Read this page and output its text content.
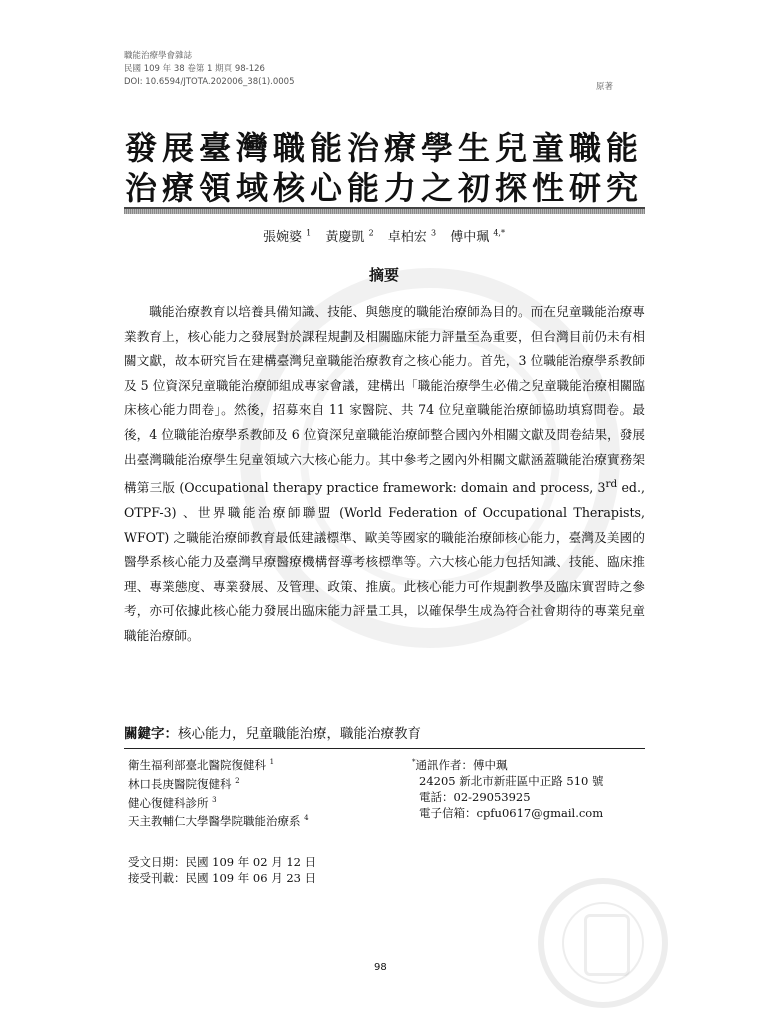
職能治療學會雜誌
民國 109 年 38 卷第 1 期頁 98-126
DOI: 10.6594/JTOTA.202006_38(1).0005	原著
發展臺灣職能治療學生兒童職能
治療領域核心能力之初探性研究
張婉婆 $^1$ 黃慶凱 $^2$ 卓柏宏 $^3$ 傅中珮 $^{4,*}$
摘要

職能治療教育以培養具備知識、技能、與態度的職能治療師為目的。而在兒童職能治療專業教育上，核心能力之發展對於課程規劃及相關臨床能力評量至為重要，但台灣目前仍未有相關文獻，故本研究旨在建構臺灣兒童職能治療教育之核心能力。首先，3 位職能治療學系教師及 5 位資深兒童職能治療師組成專家會議，建構出「職能治療學生必備之兒童職能治療相關臨床核心能力問卷」。然後，招募來自 11 家醫院、共 74 位兒童職能治療師協助填寫問卷。最後，4 位職能治療學系教師及 6 位資深兒童職能治療師整合國內外相關文獻及問卷結果，發展出臺灣職能治療學生兒童領域六大核心能力。其中參考之國內外相關文獻涵蓋職能治療實務架構第三版 (Occupational therapy practice framework: domain and process, 3rd ed., OTPF-3) 、世界職能治療師聯盟 (World Federation of Occupational Therapists, WFOT) 之職能治療師教育最低建議標準、歐美等國家的職能治療師核心能力，臺灣及美國的醫學系核心能力及臺灣早療醫療機構督導考核標準等。六大核心能力包括知識、技能、臨床推理、專業態度、專業發展、及管理、政策、推廣。此核心能力可作規劃教學及臨床實習時之參考，亦可依據此核心能力發展出臨床能力評量工具，以確保學生成為符合社會期待的專業兒童職能治療師。

關鍵字：核心能力，兒童職能治療，職能治療教育
衛生福利部臺北醫院復健科 $^1$
林口長庚醫院復健科 $^2$
健心復健科診所 $^3$
天主教輔仁大學醫學院職能治療系 $^4$
*通訊作者：傅中珮
24205 新北市新莊區中正路 510 號
電話：02-29053925
電子信箱：cpfu0617@gmail.com
受文日期：民國 109 年 02 月 12 日
接受刊載：民國 109 年 06 月 23 日
98
